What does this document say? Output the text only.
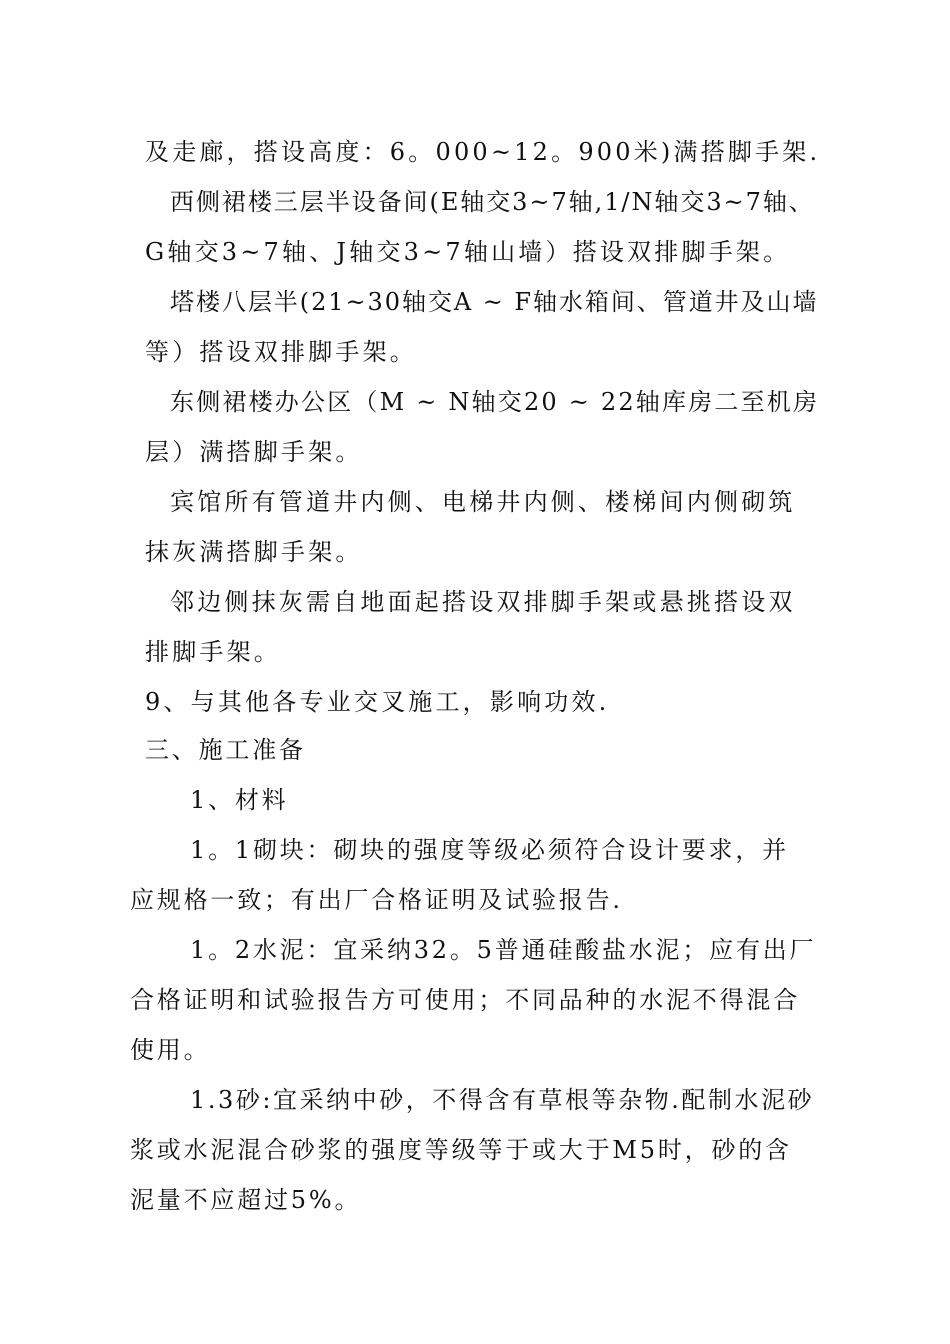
及走廊，搭设高度：6。000~12。900米)满搭脚手架.
西侧裙楼三层半设备间(E轴交3~7轴,1/N轴交3~7轴、
G轴交3~7轴、J轴交3~7轴山墙）搭设双排脚手架。
塔楼八层半(21~30轴交A ~ F轴水箱间、管道井及山墙
等）搭设双排脚手架。
东侧裙楼办公区（M ~ N轴交20 ~ 22轴库房二至机房
层）满搭脚手架。
宾馆所有管道井内侧、电梯井内侧、楼梯间内侧砌筑
抹灰满搭脚手架。
邻边侧抹灰需自地面起搭设双排脚手架或悬挑搭设双
排脚手架。
9、与其他各专业交叉施工，影响功效.
三、施工准备
1、材料
1。1砌块：砌块的强度等级必须符合设计要求，并
应规格一致；有出厂合格证明及试验报告.
1。2水泥：宜采纳32。5普通硅酸盐水泥；应有出厂
合格证明和试验报告方可使用；不同品种的水泥不得混合
使用。
1.3砂:宜采纳中砂，不得含有草根等杂物.配制水泥砂
浆或水泥混合砂浆的强度等级等于或大于M5时，砂的含
泥量不应超过5%。
